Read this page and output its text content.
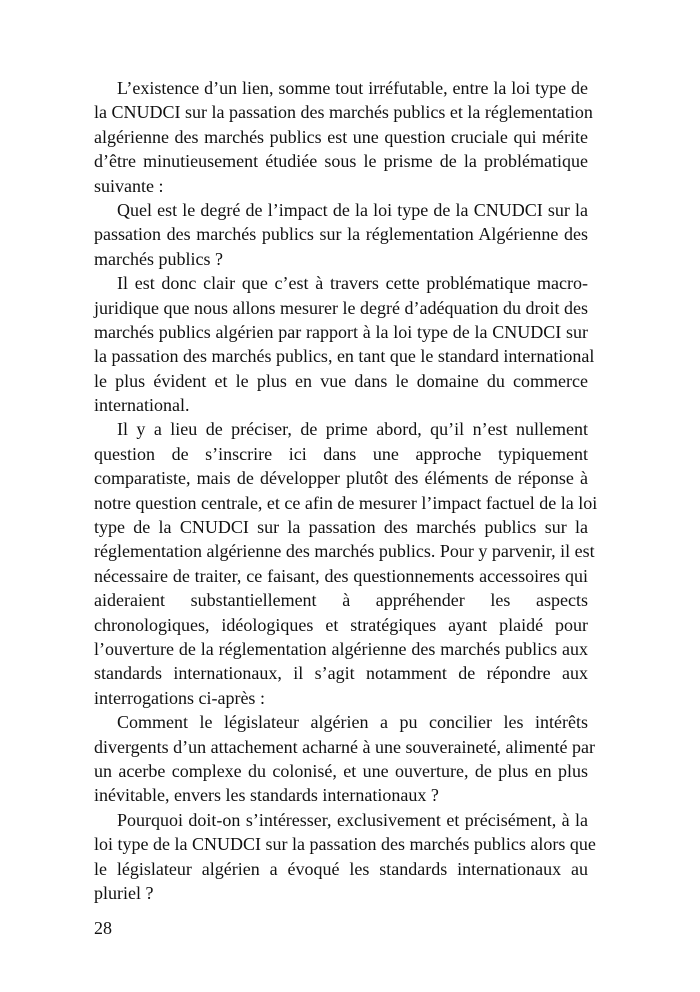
L’existence d’un lien, somme tout irréfutable, entre la loi type de
la CNUDCI sur la passation des marchés publics et la réglementation
algérienne des marchés publics est une question cruciale qui mérite
d’être minutieusement étudiée sous le prisme de la problématique
suivante :
Quel est le degré de l’impact de la loi type de la CNUDCI sur la
passation des marchés publics sur la réglementation Algérienne des
marchés publics ?
Il est donc clair que c’est à travers cette problématique macro-
juridique que nous allons mesurer le degré d’adéquation du droit des
marchés publics algérien par rapport à la loi type de la CNUDCI sur
la passation des marchés publics, en tant que le standard international
le plus évident et le plus en vue dans le domaine du commerce
international.
Il y a lieu de préciser, de prime abord, qu’il n’est nullement
question de s’inscrire ici dans une approche typiquement
comparatiste, mais de développer plutôt des éléments de réponse à
notre question centrale, et ce afin de mesurer l’impact factuel de la loi
type de la CNUDCI sur la passation des marchés publics sur la
réglementation algérienne des marchés publics. Pour y parvenir, il est
nécessaire de traiter, ce faisant, des questionnements accessoires qui
aideraient substantiellement à appréhender les aspects
chronologiques, idéologiques et stratégiques ayant plaidé pour
l’ouverture de la réglementation algérienne des marchés publics aux
standards internationaux, il s’agit notamment de répondre aux
interrogations ci-après :
Comment le législateur algérien a pu concilier les intérêts
divergents d’un attachement acharné à une souveraineté, alimenté par
un acerbe complexe du colonisé, et une ouverture, de plus en plus
inévitable, envers les standards internationaux ?
Pourquoi doit-on s’intéresser, exclusivement et précisément, à la
loi type de la CNUDCI sur la passation des marchés publics alors que
le législateur algérien a évoqué les standards internationaux au
pluriel ?
28
